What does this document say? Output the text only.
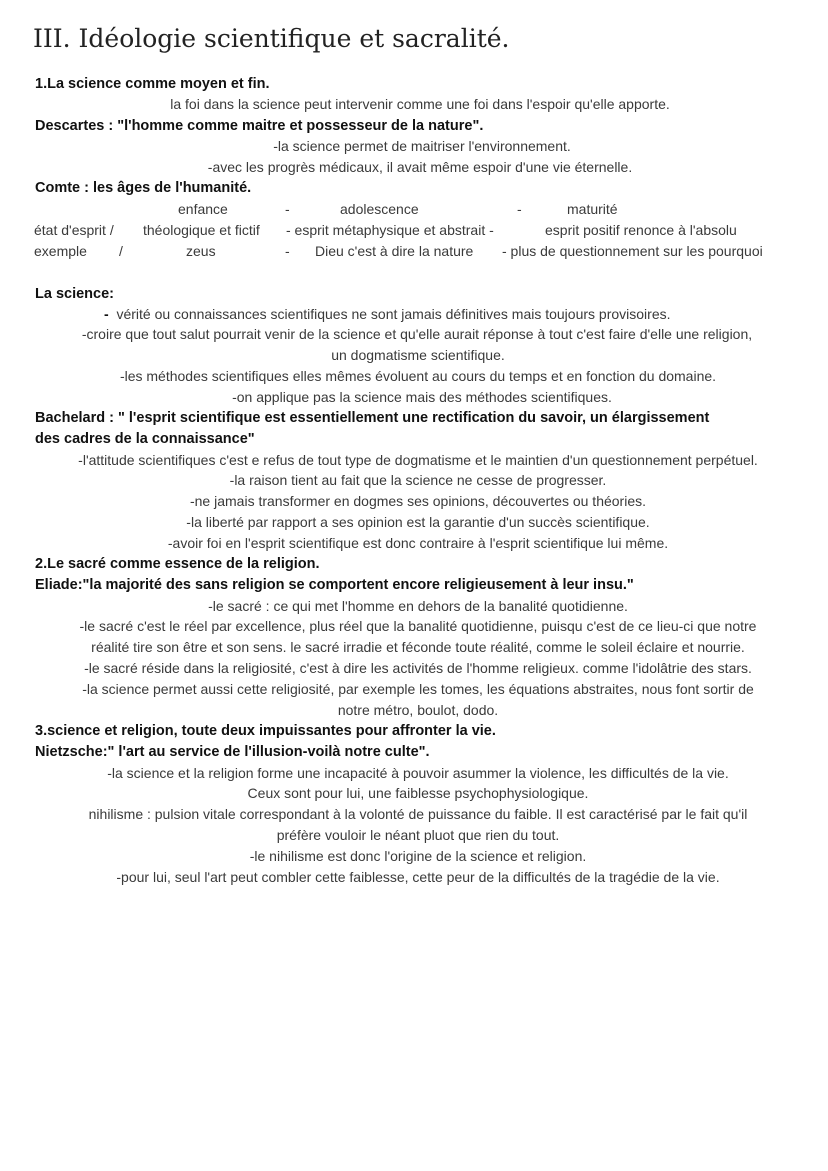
III. Idéologie scientifique et sacralité.
1.La science comme moyen et fin.
la foi dans la science peut intervenir comme une foi dans l'espoir qu'elle apporte.
Descartes : "l'homme comme maitre et possesseur de la nature".
-la science permet de maitriser l'environnement.
-avec les progrès médicaux, il avait même espoir d'une vie éternelle.
Comte : les âges de l'humanité.
enfance	-	adolescence	-	maturité
état d'esprit / théologique et fictif - esprit métaphysique et abstrait -	esprit positif renonce à l'absolu
exemple /	zeus	- Dieu c'est à dire la nature - plus de questionnement sur les pourquoi
La science:
- vérité ou connaissances scientifiques ne sont jamais définitives mais toujours provisoires.
-croire que tout salut pourrait venir de la science et qu'elle aurait réponse à tout c'est faire d'elle une religion,
un dogmatisme scientifique.
-les méthodes scientifiques elles mêmes évoluent au cours du temps et en fonction du domaine.
-on applique pas la science mais des méthodes scientifiques.
Bachelard : " l'esprit scientifique est essentiellement une rectification du savoir, un élargissement
des cadres de la connaissance"
-l'attitude scientifiques c'est e refus de tout type de dogmatisme et le maintien d'un questionnement perpétuel.
-la raison tient au fait que la science ne cesse de progresser.
-ne jamais transformer en dogmes ses opinions, découvertes ou théories.
-la liberté par rapport a ses opinion est la garantie d'un succès scientifique.
-avoir foi en l'esprit scientifique est donc contraire à l'esprit scientifique lui même.
2.Le sacré comme essence de la religion.
Eliade:"la majorité des sans religion se comportent encore religieusement à leur insu."
-le sacré : ce qui met l'homme en dehors de la banalité quotidienne.
-le sacré c'est le réel par excellence, plus réel que la banalité quotidienne, puisqu c'est de ce lieu-ci que notre
réalité tire son être et son sens. le sacré irradie et féconde toute réalité, comme le soleil éclaire et nourrie.
-le sacré réside dans la religiosité, c'est à dire les activités de l'homme religieux. comme l'idolâtrie des stars.
-la science permet aussi cette religiosité, par exemple les tomes, les équations abstraites, nous font sortir de
notre métro, boulot, dodo.
3.science et religion, toute deux impuissantes pour affronter la vie.
Nietzsche:" l'art au service de l'illusion-voilà notre culte".
-la science et la religion forme une incapacité à pouvoir asummer la violence, les difficultés de la vie.
Ceux sont pour lui, une faiblesse psychophysiologique.
nihilisme : pulsion vitale correspondant à la volonté de puissance du faible. Il est caractérisé par le fait qu'il
préfère vouloir le néant pluot que rien du tout.
-le nihilisme est donc l'origine de la science et religion.
-pour lui, seul l'art peut combler cette faiblesse, cette peur de la difficultés de la tragédie de la vie.
